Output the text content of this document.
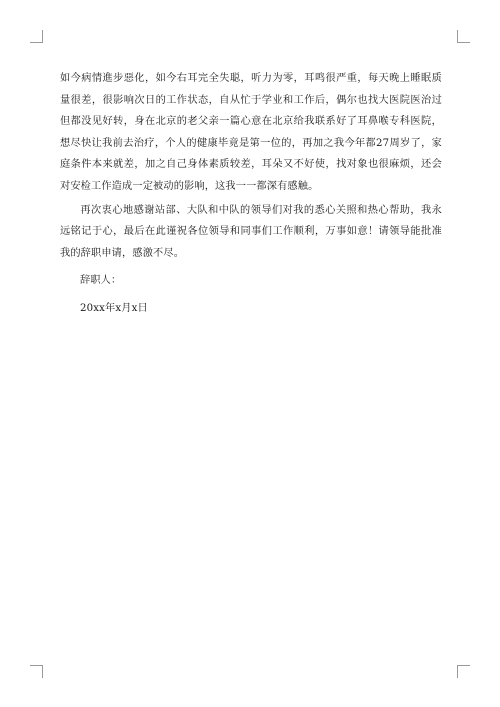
如今病情進步惡化，如今右耳完全失聪，听力为零，耳鸣很严重，每天晚上睡眠质量很差，很影响次日的工作状态，自从忙于学业和工作后，偶尔也找大医院医治过但都没见好转，身在北京的老父亲一篇心意在北京给我联系好了耳鼻喉专科医院，想尽快让我前去治疗，个人的健康毕竟是第一位的，再加之我今年都27周岁了，家庭条件本来就差，加之自己身体素质较差，耳朵又不好使，找对象也很麻烦，还会对安检工作造成一定被动的影响，这我一一都深有感触。

再次衷心地感谢站部、大队和中队的领导们对我的悉心关照和热心帮助，我永远铭记于心，最后在此谨祝各位领导和同事们工作顺利，万事如意！请领导能批准我的辞职申请，感激不尽。

辞职人：

20xx年x月x日
